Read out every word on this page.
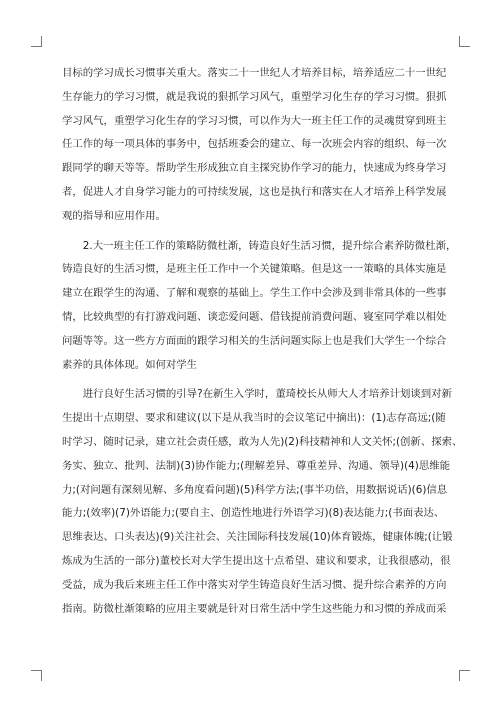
目标的学习成长习惯事关重大。落实二十一世纪人才培养目标，培养适应二十一世纪
生存能力的学习习惯，就是我说的狠抓学习风气，重塑学习化生存的学习习惯。狠抓
学习风气，重塑学习化生存的学习习惯，可以作为大一班主任工作的灵魂贯穿到班主
任工作的每一项具体的事务中，包括班委会的建立、每一次班会内容的组织、每一次
跟同学的聊天等等。帮助学生形成独立自主探究协作学习的能力，快速成为终身学习
者，促进人才自身学习能力的可持续发展，这也是执行和落实在人才培养上科学发展
观的指导和应用作用。
　　2.大一班主任工作的策略防微杜渐，铸造良好生活习惯，提升综合素养防微杜渐，
铸造良好的生活习惯，是班主任工作中一个关键策略。但是这一一策略的具体实施是
建立在跟学生的沟通、了解和观察的基础上。学生工作中会涉及到非常具体的一些事
情，比较典型的有打游戏问题、谈恋爱问题、借钱提前消费问题、寝室同学难以相处
问题等等。这一些方方面面的跟学习相关的生活问题实际上也是我们大学生一个综合
素养的具体体现。如何对学生
　　进行良好生活习惯的引导?在新生入学时，董琦校长从师大人才培养计划谈到对新
生提出十点期望、要求和建议(以下是从我当时的会议笔记中摘出)：(1)志存高远;(随
时学习、随时记录，建立社会责任感，敢为人先)(2)科技精神和人文关怀;(创新、探索、
务实、独立、批判、法制)(3)协作能力;(理解差异、尊重差异、沟通、领导)(4)思维能
力;(对问题有深刻见解、多角度看问题)(5)科学方法;(事半功倍，用数据说话)(6)信息
能力;(效率)(7)外语能力;(要自主、创造性地进行外语学习)(8)表达能力;(书面表达、
思维表达、口头表达)(9)关注社会、关注国际科技发展(10)体育锻炼，健康体魄;(让锻
炼成为生活的一部分)董校长对大学生提出这十点希望、建议和要求，让我很感动，很
受益，成为我后来班主任工作中落实对学生铸造良好生活习惯、提升综合素养的方向
指南。防微杜渐策略的应用主要就是针对日常生活中学生这些能力和习惯的养成而采
